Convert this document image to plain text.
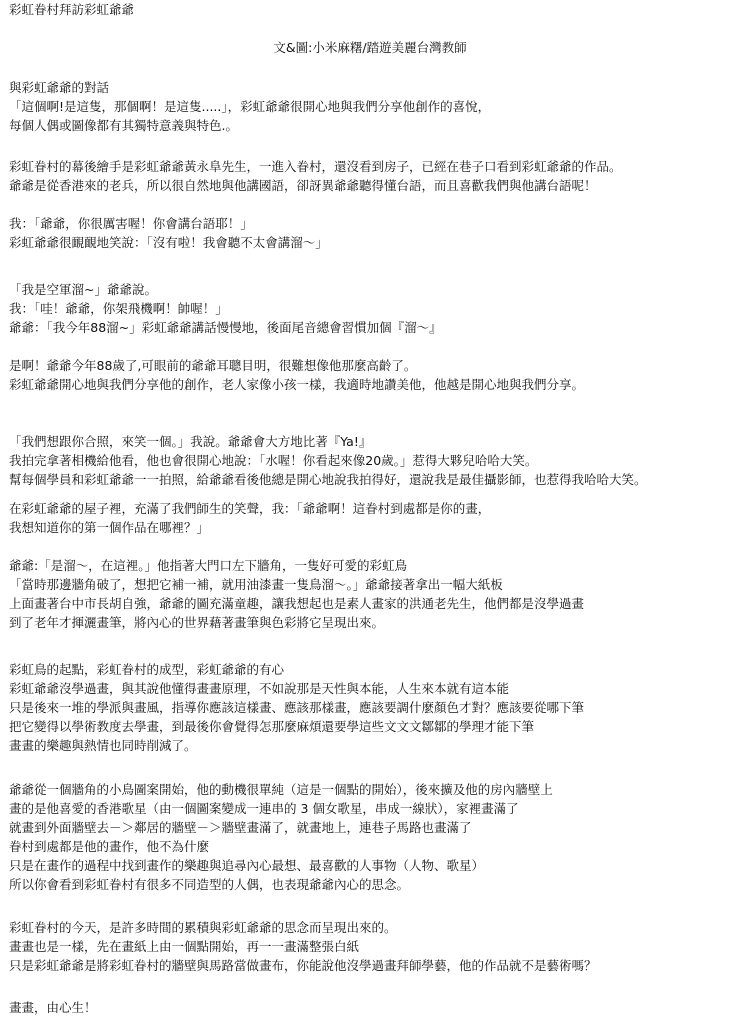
彩虹眷村拜訪彩虹爺爺
文&圖:小米麻糬/踏遊美麗台灣教師
與彩虹爺爺的對話
「這個啊!是這隻，那個啊！是這隻.....」，彩虹爺爺很開心地與我們分享他創作的喜悅，
每個人偶或圖像都有其獨特意義與特色.。
彩虹眷村的幕後繪手是彩虹爺爺黃永阜先生，一進入眷村，還沒看到房子，已經在巷子口看到彩虹爺爺的作品。
爺爺是從香港來的老兵，所以很自然地與他講國語，卻訝異爺爺聽得懂台語，而且喜歡我們與他講台語呢！
我：「爺爺，你很厲害喔！你會講台語耶！」
彩虹爺爺很靦靦地笑說：「沒有啦！我會聽不太會講溜～」
「我是空軍溜~」爺爺說。
我：「哇！爺爺，你架飛機啊！帥喔！」
爺爺：「我今年88溜~」彩虹爺爺講話慢慢地，後面尾音總會習慣加個『溜～』
是啊！爺爺今年88歲了,可眼前的爺爺耳聰目明，很難想像他那麼高齡了。
彩虹爺爺開心地與我們分享他的創作，老人家像小孩一樣，我適時地讚美他，他越是開心地與我們分享。
「我們想跟你合照，來笑一個。」我說。爺爺會大方地比著『Ya!』
我拍完拿著相機給他看，他也會很開心地說：「水喔！你看起來像20歲。」惹得大夥兒哈哈大笑。
幫每個學員和彩虹爺爺一一拍照，給爺爺看後他總是開心地說我拍得好，還說我是最佳攝影師，也惹得我哈哈大笑。
在彩虹爺爺的屋子裡，充滿了我們師生的笑聲，我：「爺爺啊！這眷村到處都是你的畫，
我想知道你的第一個作品在哪裡？」
爺爺:「是溜～，在這裡。」他指著大門口左下牆角，一隻好可愛的彩虹鳥
「當時那邊牆角破了，想把它補一補，就用油漆畫一隻鳥溜～。」爺爺接著拿出一幅大紙板
上面畫著台中市長胡自強，爺爺的圖充滿童趣，讓我想起也是素人畫家的洪通老先生，他們都是沒學過畫
到了老年才揮灑畫筆，將內心的世界藉著畫筆與色彩將它呈現出來。
彩虹鳥的起點，彩虹眷村的成型，彩虹爺爺的有心
彩虹爺爺沒學過畫，與其說他懂得畫畫原理，不如說那是天性與本能，人生來本就有這本能
只是後來一堆的學派與畫風，指導你應該這樣畫、應該那樣畫，應該要調什麼顏色才對？應該要從哪下筆
把它變得以學術教度去學畫，到最後你會覺得怎那麼麻煩還要學這些文文文鄒鄒的學理才能下筆
畫畫的樂趣與熱情也同時削減了。
爺爺從一個牆角的小鳥圖案開始，他的動機很單純（這是一個點的開始），後來擴及他的房內牆壁上
畫的是他喜愛的香港歌星（由一個圖案變成一連串的 3 個女歌星，串成一線狀），家裡畫滿了
就畫到外面牆壁去－＞鄰居的牆壁－＞牆壁畫滿了，就畫地上，連巷子馬路也畫滿了
眷村到處都是他的畫作，他不為什麼
只是在畫作的過程中找到畫作的樂趣與追尋內心最想、最喜歡的人事物（人物、歌星）
所以你會看到彩虹眷村有很多不同造型的人偶，也表現爺爺內心的思念。
彩虹眷村的今天，是許多時間的累積與彩虹爺爺的思念而呈現出來的。
畫畫也是一樣，先在畫紙上由一個點開始，再一一畫滿整張白紙
只是彩虹爺爺是將彩虹眷村的牆壁與馬路當做畫布，你能說他沒學過畫拜師學藝，他的作品就不是藝術嗎？
畫畫，由心生！
